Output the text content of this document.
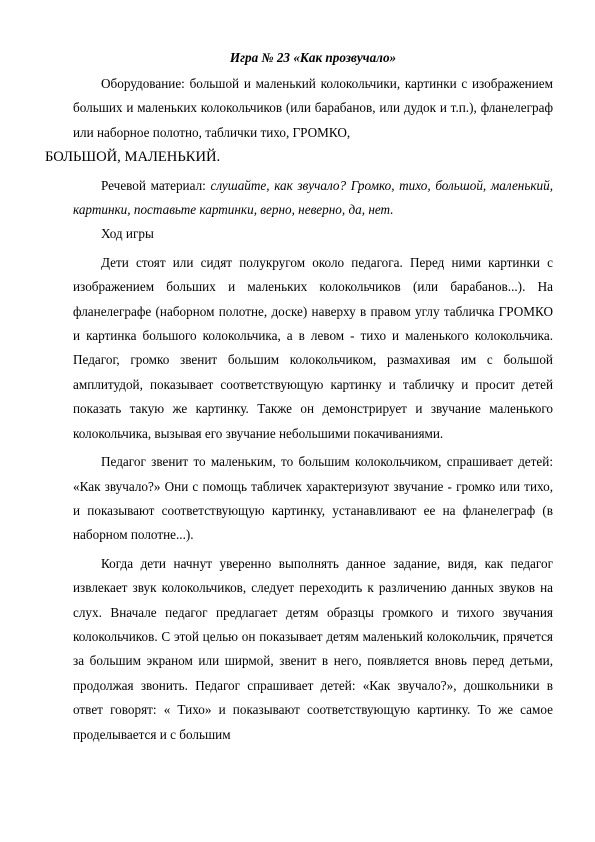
Игра № 23 «Как прозвучало»

Оборудование: большой и маленький колокольчики, картинки с изображением больших и маленьких колокольчиков (или барабанов, или дудок и т.п.), фланелеграф или наборное полотно, таблички тихо, ГРОМКО,
БОЛЬШОЙ, МАЛЕНЬКИЙ.

Речевой материал: слушайте, как звучало? Громко, тихо, большой, маленький, картинки, поставьте картинки, верно, неверно, да, нет.

Ход игры

Дети стоят или сидят полукругом около педагога. Перед ними картинки с изображением больших и маленьких колокольчиков (или барабанов...). На фланелеграфе (наборном полотне, доске) наверху в правом углу табличка ГРОМКО и картинка большого колокольчика, а в левом - тихо и маленького колокольчика. Педагог, громко звенит большим колокольчиком, размахивая им с большой амплитудой, показывает соответствующую картинку и табличку и просит детей показать такую же картинку. Также он демонстрирует и звучание маленького колокольчика, вызывая его звучание небольшими покачиваниями.

Педагог звенит то маленьким, то большим колокольчиком, спрашивает детей: «Как звучало?» Они с помощь табличек характеризуют звучание - громко или тихо, и показывают соответствующую картинку, устанавливают ее на фланелеграф (в наборном полотне...).

Когда дети начнут уверенно выполнять данное задание, видя, как педагог извлекает звук колокольчиков, следует переходить к различению данных звуков на слух. Вначале педагог предлагает детям образцы громкого и тихого звучания колокольчиков. С этой целью он показывает детям маленький колокольчик, прячется за большим экраном или ширмой, звенит в него, появляется вновь перед детьми, продолжая звонить. Педагог спрашивает детей: «Как звучало?», дошкольники в ответ говорят: « Тихо» и показывают соответствующую картинку. То же самое проделывается и с большим
